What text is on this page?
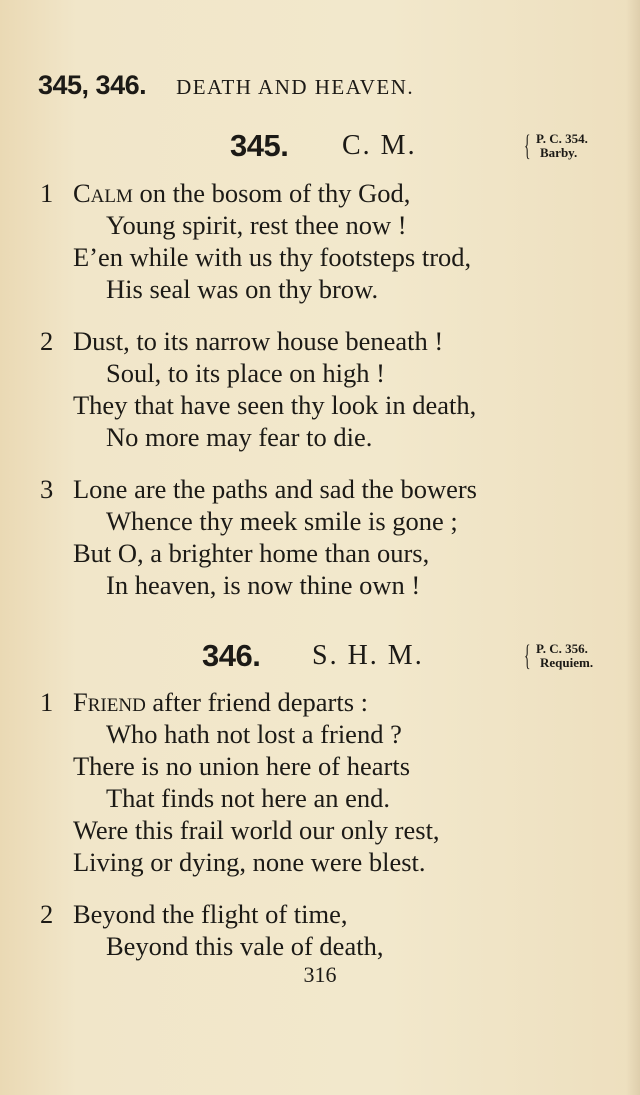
345, 346. DEATH AND HEAVEN.
345. C. M.	{ P. C. 354.
Barby.
1 Calm on the bosom of thy God,
Young spirit, rest thee now !
E’en while with us thy footsteps trod,
His seal was on thy brow.
2 Dust, to its narrow house beneath !
Soul, to its place on high !
They that have seen thy look in death,
No more may fear to die.
3 Lone are the paths and sad the bowers
Whence thy meek smile is gone ;
But O, a brighter home than ours,
In heaven, is now thine own !
346. S. H. M.	{ P. C. 356.
Requiem.
1 Friend after friend departs :
Who hath not lost a friend ?
There is no union here of hearts
That finds not here an end.
Were this frail world our only rest,
Living or dying, none were blest.
2 Beyond the flight of time,
Beyond this vale of death,
316
